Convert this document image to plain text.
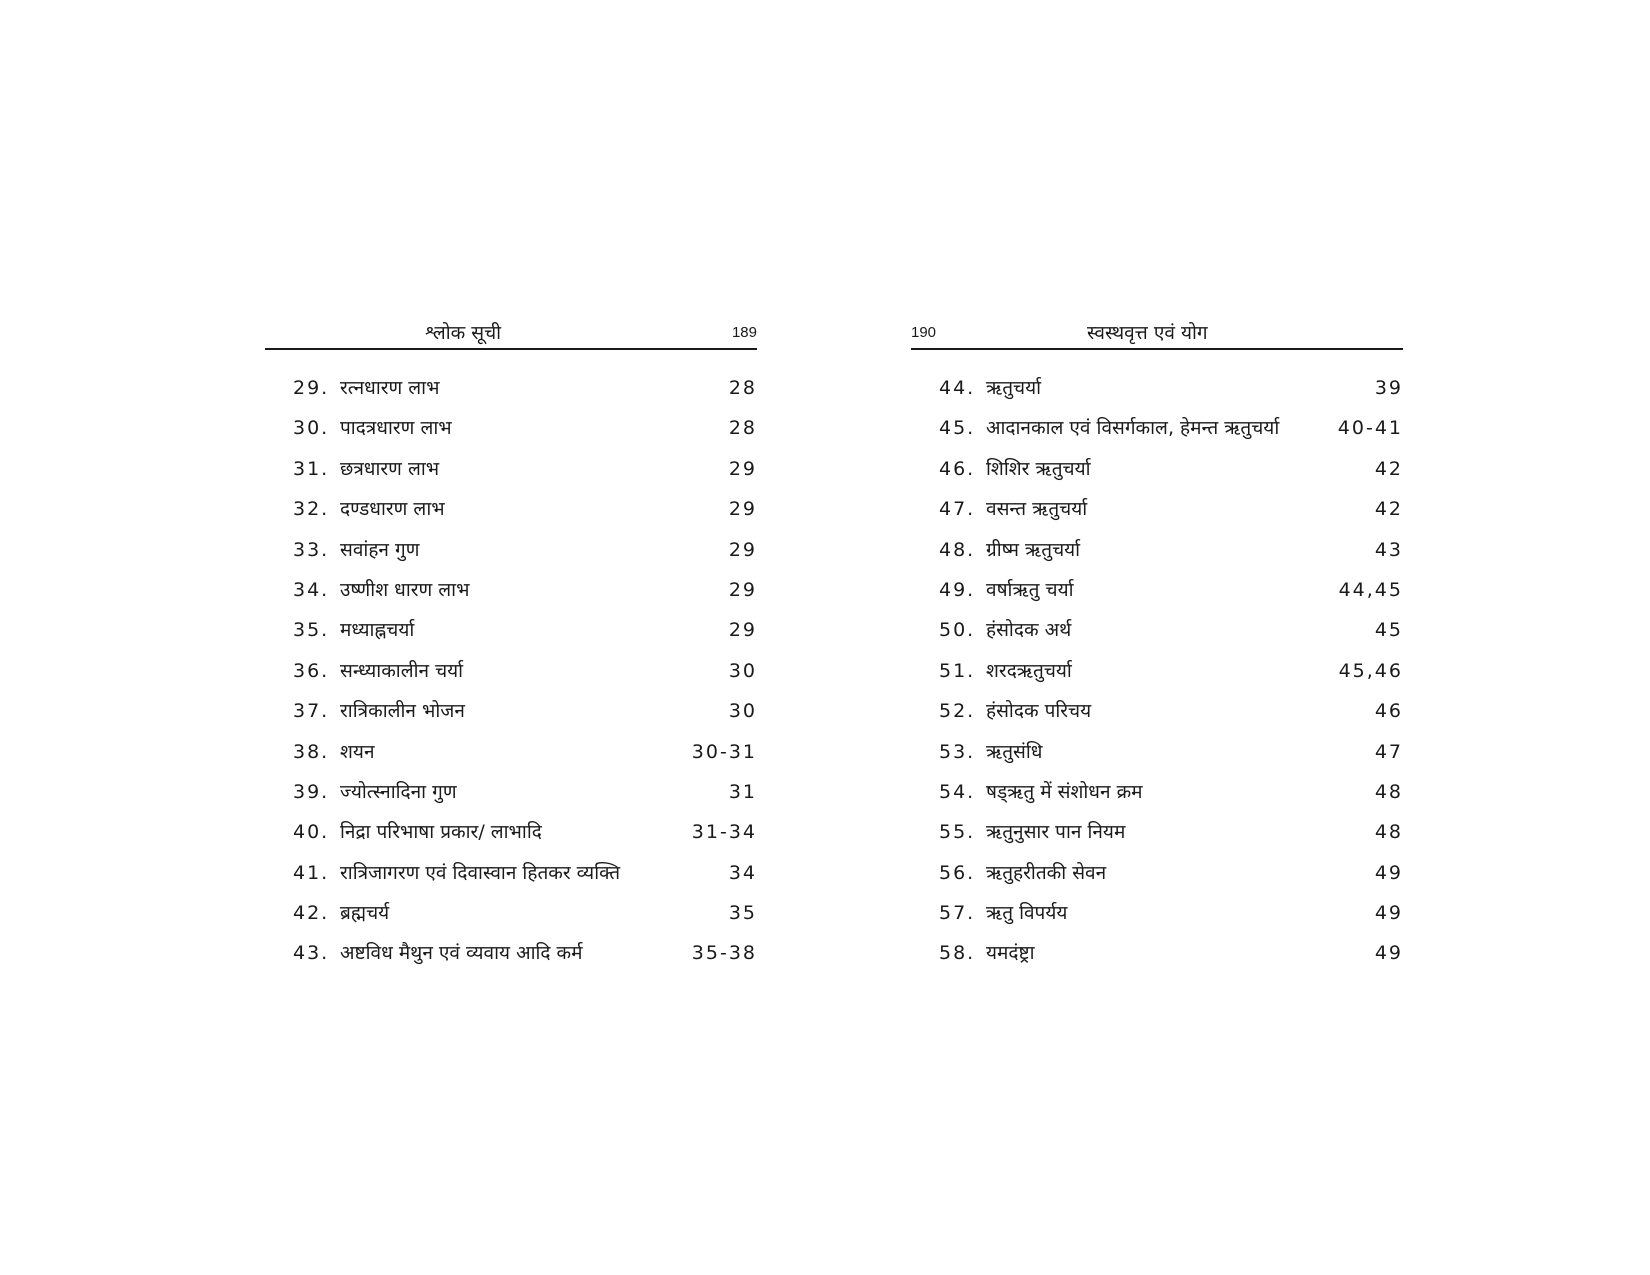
श्लोक सूची	189
29. रत्नधारण लाभ	28
30. पादत्रधारण लाभ	28
31. छत्रधारण लाभ	29
32. दण्डधारण लाभ	29
33. सवांहन गुण	29
34. उष्णीश धारण लाभ	29
35. मध्याह्नचर्या	29
36. सन्ध्याकालीन चर्या	30
37. रात्रिकालीन भोजन	30
38. शयन	30-31
39. ज्योत्स्नादिना गुण	31
40. निद्रा परिभाषा प्रकार/ लाभादि	31-34
41. रात्रिजागरण एवं दिवास्वान हितकर व्यक्ति	34
42. ब्रह्मचर्य	35
43. अष्टविध मैथुन एवं व्यवाय आदि कर्म	35-38
190	स्वस्थवृत्त एवं योग
44. ऋतुचर्या	39
45. आदानकाल एवं विसर्गकाल, हेमन्त ऋतुचर्या	40-41
46. शिशिर ऋतुचर्या	42
47. वसन्त ऋतुचर्या	42
48. ग्रीष्म ऋतुचर्या	43
49. वर्षाऋतु चर्या	44,45
50. हंसोदक अर्थ	45
51. शरदऋतुचर्या	45,46
52. हंसोदक परिचय	46
53. ऋतुसंधि	47
54. षड्ऋतु में संशोधन क्रम	48
55. ऋतुनुसार पान नियम	48
56. ऋतुहरीतकी सेवन	49
57. ऋतु विपर्यय	49
58. यमदंष्ट्रा	49
